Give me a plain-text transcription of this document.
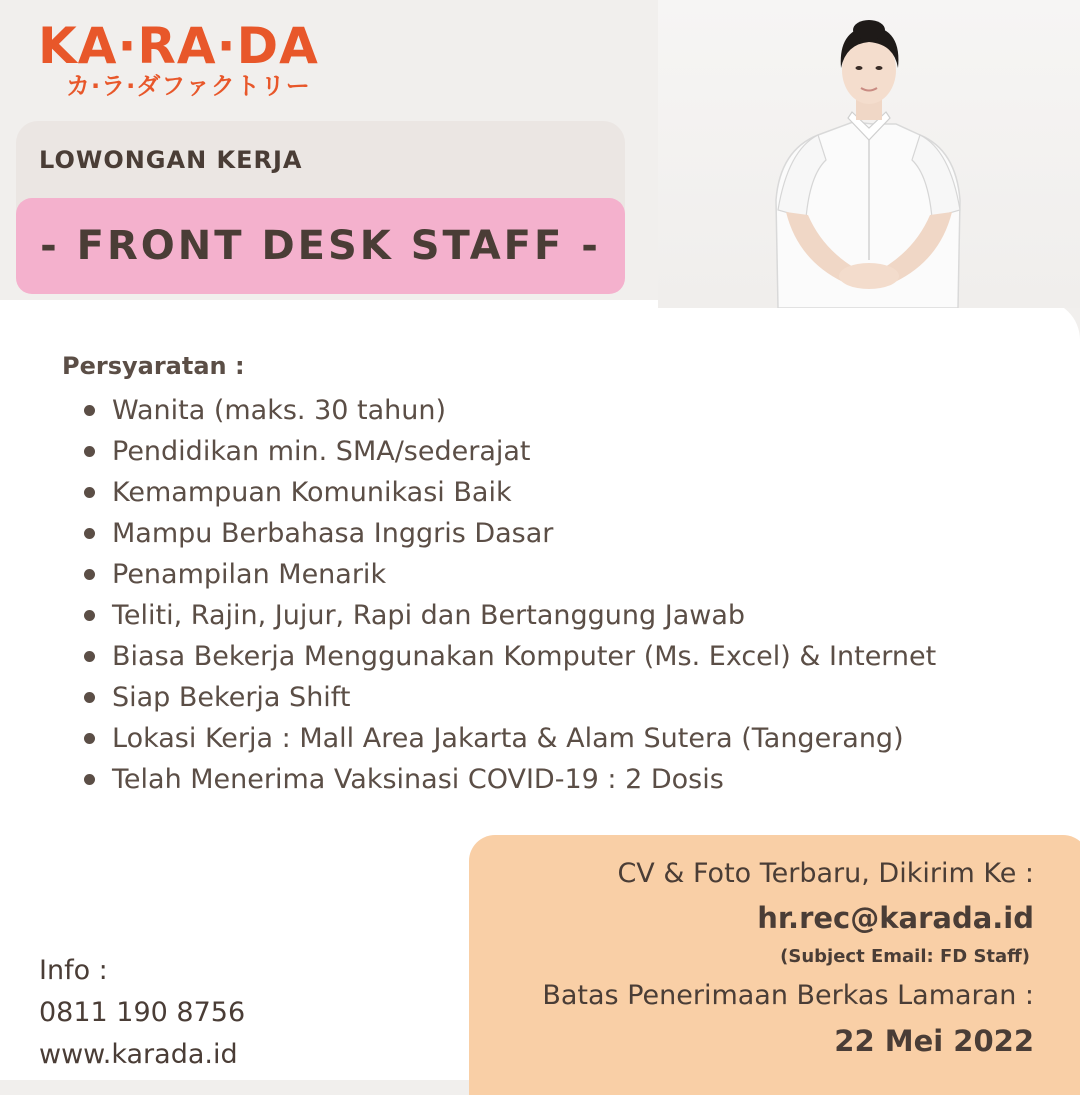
KA·RA·DA
カ·ラ·ダファクトリー
LOWONGAN KERJA
- FRONT DESK STAFF -
Persyaratan :
Wanita (maks. 30 tahun)
Pendidikan min. SMA/sederajat
Kemampuan Komunikasi Baik
Mampu Berbahasa Inggris Dasar
Penampilan Menarik
Teliti, Rajin, Jujur, Rapi dan Bertanggung Jawab
Biasa Bekerja Menggunakan Komputer (Ms. Excel) & Internet
Siap Bekerja Shift
Lokasi Kerja : Mall Area Jakarta & Alam Sutera (Tangerang)
Telah Menerima Vaksinasi COVID-19 : 2 Dosis
Info :
0811 190 8756
www.karada.id
CV & Foto Terbaru, Dikirim Ke :
hr.rec@karada.id
(Subject Email: FD Staff)
Batas Penerimaan Berkas Lamaran :
22 Mei 2022
